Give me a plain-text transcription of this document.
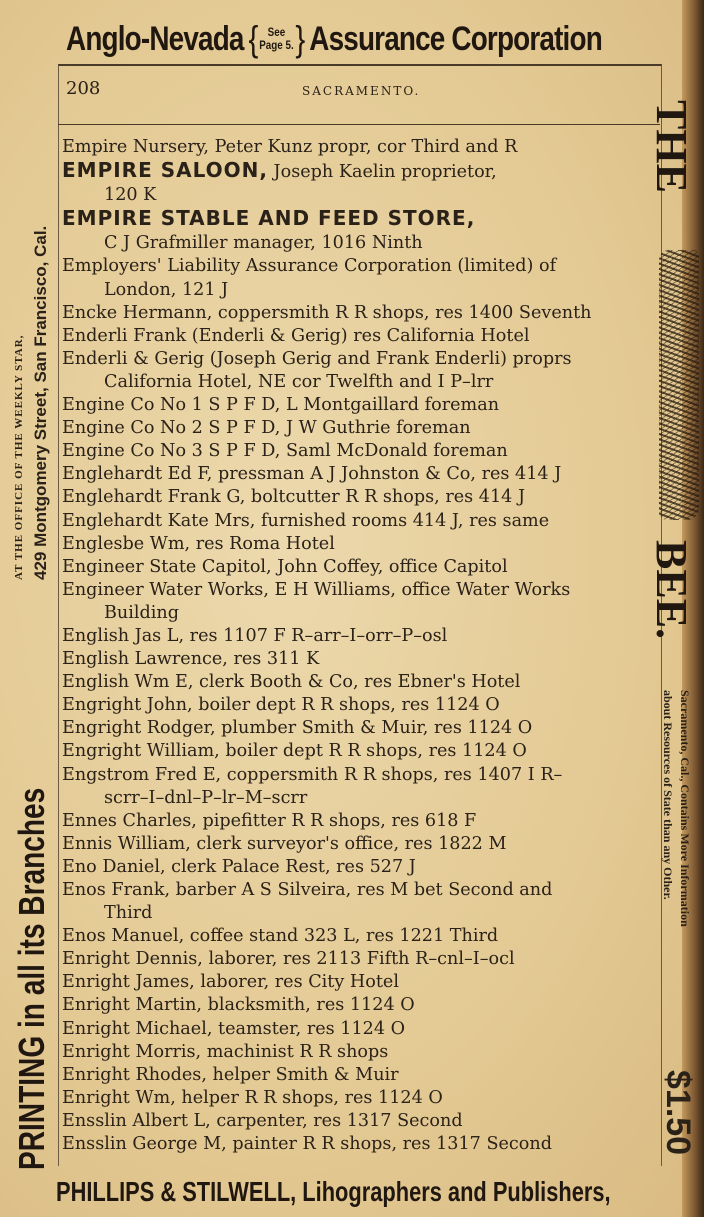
Anglo-Nevada { See
Page 5. } Assurance Corporation
208	SACRAMENTO.
PRINTING in all its Branches
AT THE OFFICE OF THE WEEKLY STAR, 429 Montgomery Street, San Francisco, Cal.
THE
BEE.
Sacramento, Cal., Contains More Information
about Resources of State than any Other.
$1.50
Empire Nursery, Peter Kunz propr, cor Third and R
EMPIRE SALOON, Joseph Kaelin proprietor,
120 K
EMPIRE STABLE AND FEED STORE,
C J Grafmiller manager, 1016 Ninth
Employers' Liability Assurance Corporation (limited) of
London, 121 J
Encke Hermann, coppersmith R R shops, res 1400 Seventh
Enderli Frank (Enderli & Gerig) res California Hotel
Enderli & Gerig (Joseph Gerig and Frank Enderli) proprs
California Hotel, NE cor Twelfth and I P–lrr
Engine Co No 1 S P F D, L Montgaillard foreman
Engine Co No 2 S P F D, J W Guthrie foreman
Engine Co No 3 S P F D, Saml McDonald foreman
Englehardt Ed F, pressman A J Johnston & Co, res 414 J
Englehardt Frank G, boltcutter R R shops, res 414 J
Englehardt Kate Mrs, furnished rooms 414 J, res same
Englesbe Wm, res Roma Hotel
Engineer State Capitol, John Coffey, office Capitol
Engineer Water Works, E H Williams, office Water Works
Building
English Jas L, res 1107 F R–arr–I–orr–P–osl
English Lawrence, res 311 K
English Wm E, clerk Booth & Co, res Ebner's Hotel
Engright John, boiler dept R R shops, res 1124 O
Engright Rodger, plumber Smith & Muir, res 1124 O
Engright William, boiler dept R R shops, res 1124 O
Engstrom Fred E, coppersmith R R shops, res 1407 I R–
scrr–I–dnl–P–lr–M–scrr
Ennes Charles, pipefitter R R shops, res 618 F
Ennis William, clerk surveyor's office, res 1822 M
Eno Daniel, clerk Palace Rest, res 527 J
Enos Frank, barber A S Silveira, res M bet Second and
Third
Enos Manuel, coffee stand 323 L, res 1221 Third
Enright Dennis, laborer, res 2113 Fifth R–cnl–I–ocl
Enright James, laborer, res City Hotel
Enright Martin, blacksmith, res 1124 O
Enright Michael, teamster, res 1124 O
Enright Morris, machinist R R shops
Enright Rhodes, helper Smith & Muir
Enright Wm, helper R R shops, res 1124 O
Ensslin Albert L, carpenter, res 1317 Second
Ensslin George M, painter R R shops, res 1317 Second
PHILLIPS & STILWELL, Lihographers and Publishers,
